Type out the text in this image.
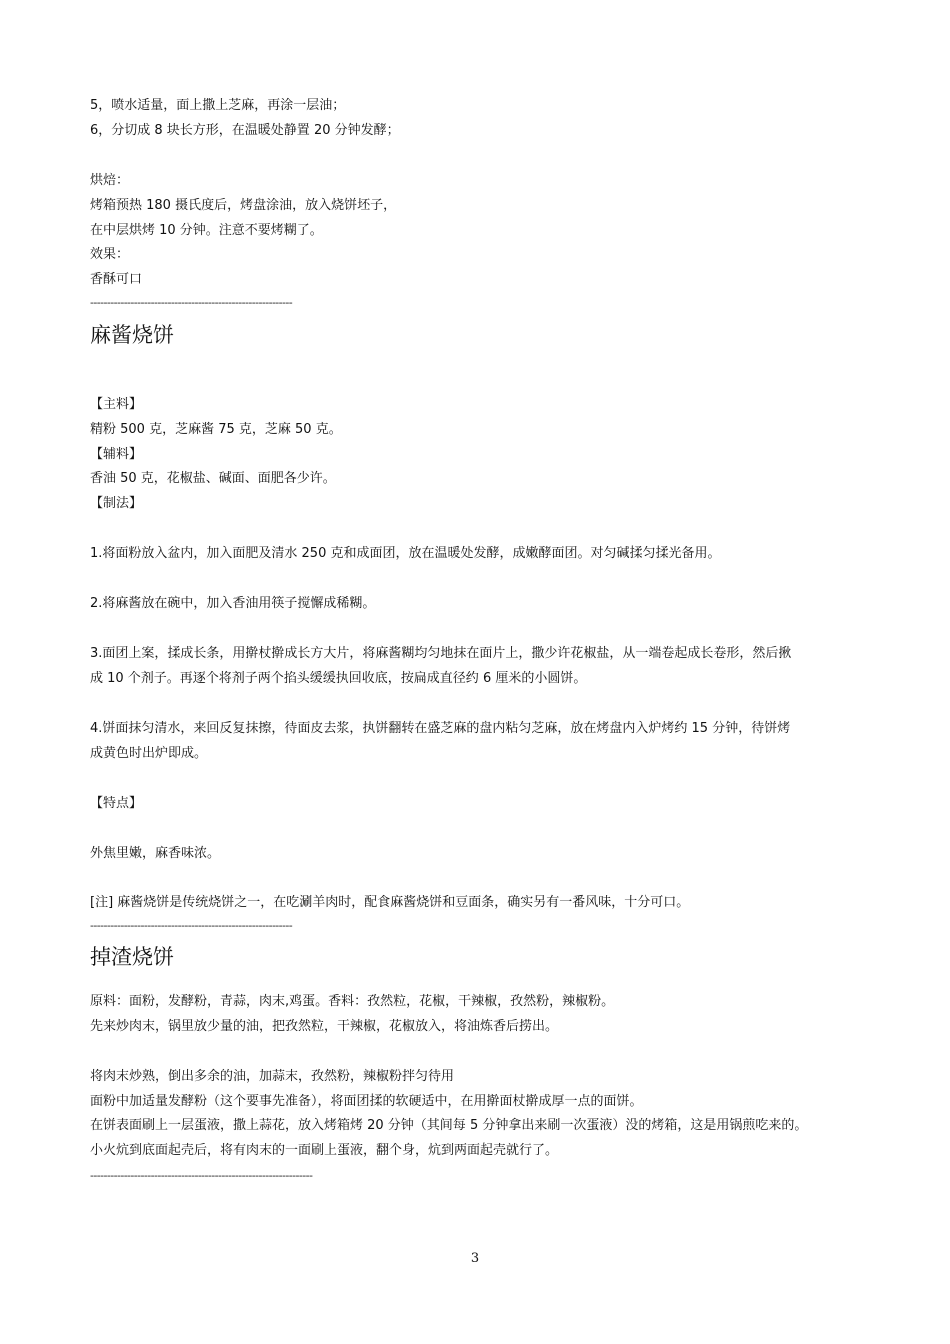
5，喷水适量，面上撒上芝麻，再涂一层油；
6，分切成 8 块长方形，在温暖处静置 20 分钟发酵；
烘焙：
烤箱预热 180 摄氏度后，烤盘涂油，放入烧饼坯子，
在中层烘烤 10 分钟。注意不要烤糊了。
效果：
香酥可口
------------------------------------------------------------
麻酱烧饼
【主料】
精粉 500 克，芝麻酱 75 克，芝麻 50 克。
【辅料】
香油 50 克，花椒盐、碱面、面肥各少许。
【制法】
1.将面粉放入盆内，加入面肥及清水 250 克和成面团，放在温暖处发酵，成嫩酵面团。对匀碱揉匀揉光备用。
2.将麻酱放在碗中，加入香油用筷子搅懈成稀糊。
3.面团上案，揉成长条，用擀杖擀成长方大片，将麻酱糊均匀地抹在面片上，撒少许花椒盐，从一端卷起成长卷形，然后揪
成 10 个剂子。再逐个将剂子两个掐头缓缓执回收底，按扁成直径约 6 厘米的小圆饼。
4.饼面抹匀清水，来回反复抹擦，待面皮去浆，执饼翻转在盛芝麻的盘内粘匀芝麻，放在烤盘内入炉烤约 15 分钟，待饼烤
成黄色时出炉即成。
【特点】
外焦里嫩，麻香味浓。
[注] 麻酱烧饼是传统烧饼之一，在吃涮羊肉时，配食麻酱烧饼和豆面条，确实另有一番风味，十分可口。
------------------------------------------------------------
掉渣烧饼
原料：面粉，发酵粉，青蒜，肉末,鸡蛋。香料：孜然粒，花椒，干辣椒，孜然粉，辣椒粉。
先来炒肉末，锅里放少量的油，把孜然粒，干辣椒，花椒放入，将油炼香后捞出。
将肉末炒熟，倒出多余的油，加蒜末，孜然粉，辣椒粉拌匀待用
面粉中加适量发酵粉（这个要事先准备），将面团揉的软硬适中，在用擀面杖擀成厚一点的面饼。
在饼表面刷上一层蛋液，撒上蒜花，放入烤箱烤 20 分钟（其间每 5 分钟拿出来刷一次蛋液）没的烤箱，这是用锅煎吃来的。
小火炕到底面起壳后，将有肉末的一面刷上蛋液，翻个身，炕到两面起壳就行了。
------------------------------------------------------------------
3
